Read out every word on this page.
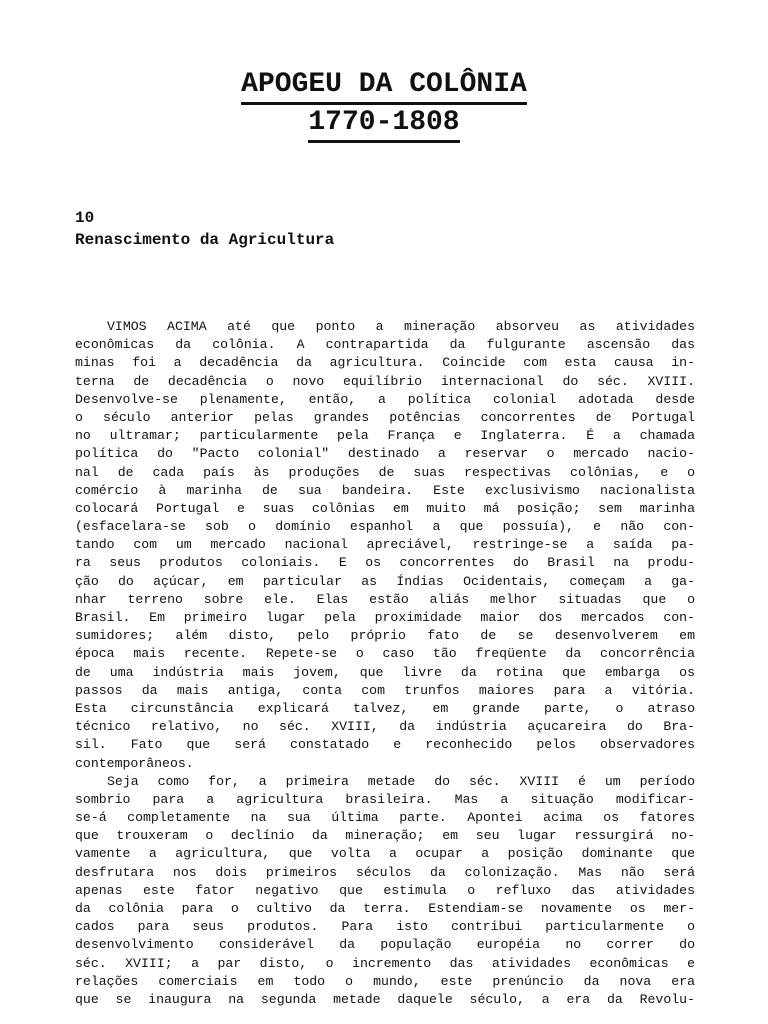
APOGEU DA COLÔNIA
1770-1808
10
Renascimento da Agricultura
VIMOS ACIMA até que ponto a mineração absorveu as atividades
econômicas da colônia. A contrapartida da fulgurante ascensão das
minas foi a decadência da agricultura. Coincide com esta causa in-
terna de decadência o novo equilíbrio internacional do séc. XVIII.
Desenvolve-se plenamente, então, a política colonial adotada desde
o século anterior pelas grandes potências concorrentes de Portugal
no ultramar; particularmente pela França e Inglaterra. É a chamada
política do "Pacto colonial" destinado a reservar o mercado nacio-
nal de cada país às produções de suas respectivas colônias, e o
comércio à marinha de sua bandeira. Este exclusivismo nacionalista
colocará Portugal e suas colônias em muito má posição; sem marinha
(esfacelara-se sob o domínio espanhol a que possuía), e não con-
tando com um mercado nacional apreciável, restringe-se a saída pa-
ra seus produtos coloniais. E os concorrentes do Brasil na produ-
ção do açúcar, em particular as Índias Ocidentais, começam a ga-
nhar terreno sobre ele. Elas estão aliás melhor situadas que o
Brasil. Em primeiro lugar pela proximidade maior dos mercados con-
sumidores; além disto, pelo próprio fato de se desenvolverem em
época mais recente. Repete-se o caso tão freqüente da concorrência
de uma indústria mais jovem, que livre da rotina que embarga os
passos da mais antiga, conta com trunfos maiores para a vitória.
Esta circunstância explicará talvez, em grande parte, o atraso
técnico relativo, no séc. XVIII, da indústria açucareira do Bra-
sil. Fato que será constatado e reconhecido pelos observadores
contemporâneos.
Seja como for, a primeira metade do séc. XVIII é um período
sombrio para a agricultura brasileira. Mas a situação modificar-
se-á completamente na sua última parte. Apontei acima os fatores
que trouxeram o declínio da mineração; em seu lugar ressurgirá no-
vamente a agricultura, que volta a ocupar a posição dominante que
desfrutara nos dois primeiros séculos da colonização. Mas não será
apenas este fator negativo que estimula o refluxo das atividades
da colônia para o cultivo da terra. Estendiam-se novamente os mer-
cados para seus produtos. Para isto contribui particularmente o
desenvolvimento considerável da população européia no correr do
séc. XVIII; a par disto, o incremento das atividades econômicas e
relações comerciais em todo o mundo, este prenúncio da nova era
que se inaugura na segunda metade daquele século, a era da Revolu-
